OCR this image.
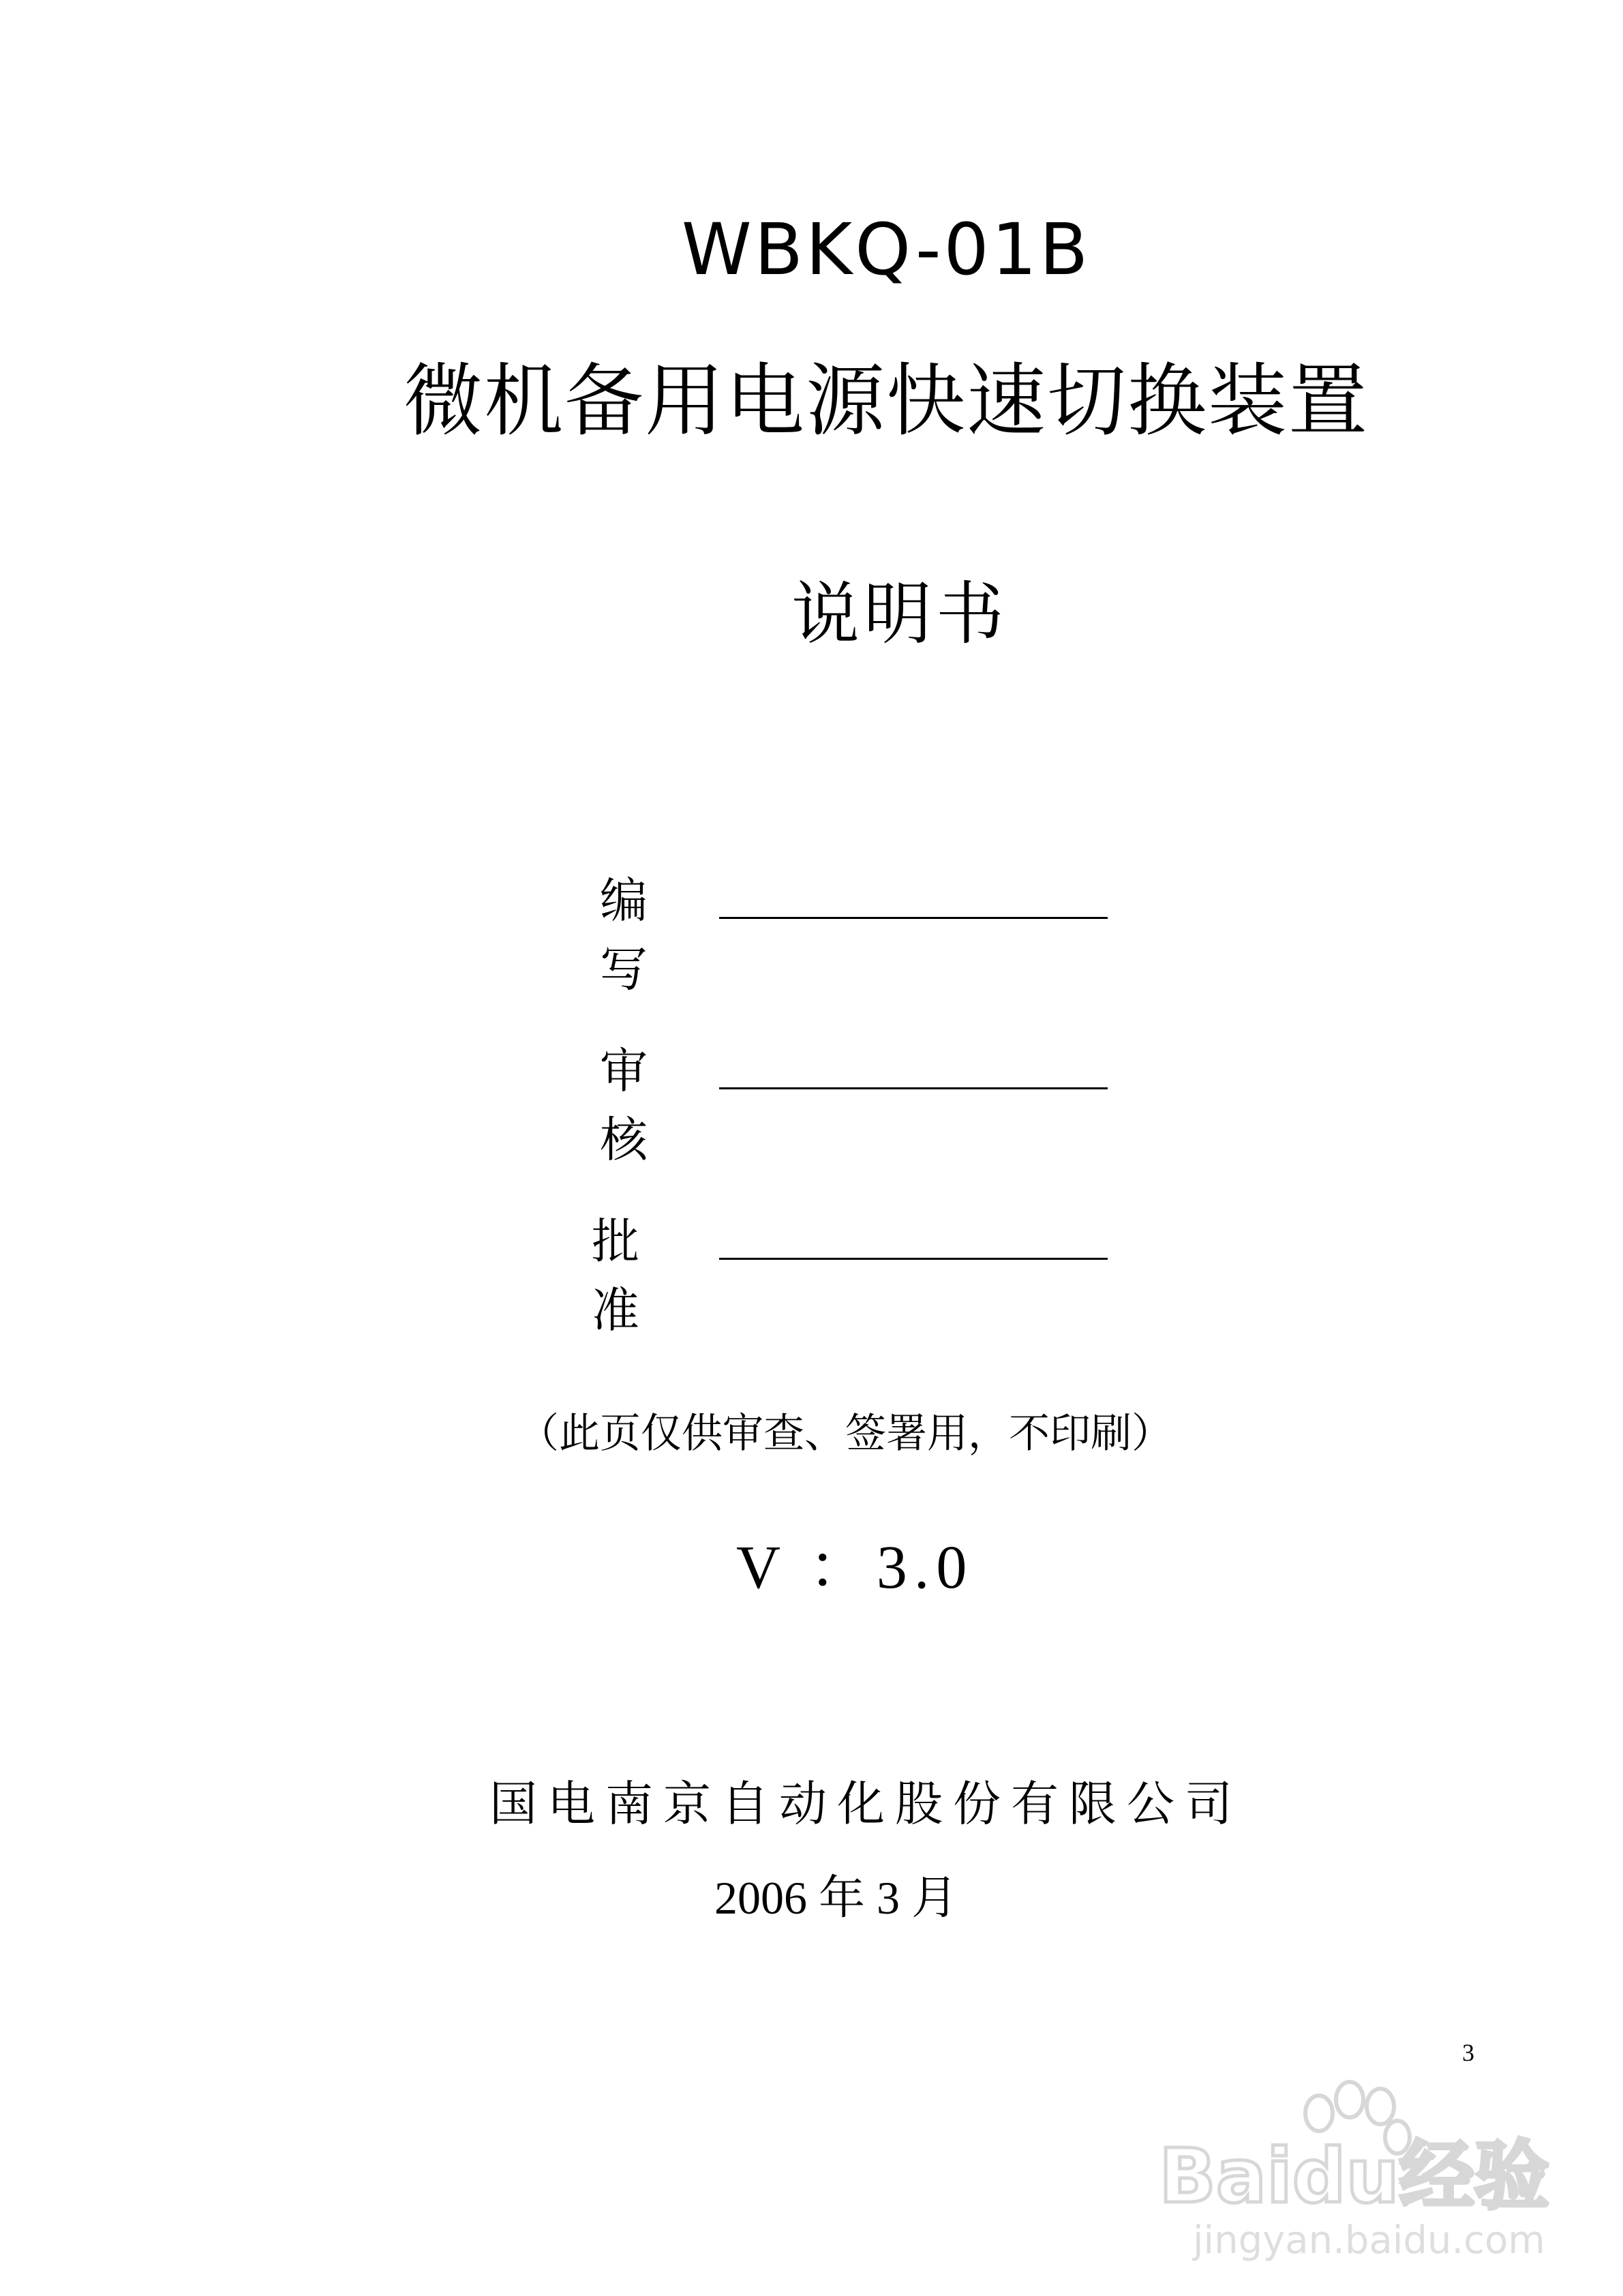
WBKQ-01B
微机备用电源快速切换装置
说明书
编写
审核
批准
（此页仅供审查、签署用，不印刷）
V ：3.0
国电南京自动化股份有限公司
2006 年 3 月
3
Baidu经验
jingyan.baidu.com
